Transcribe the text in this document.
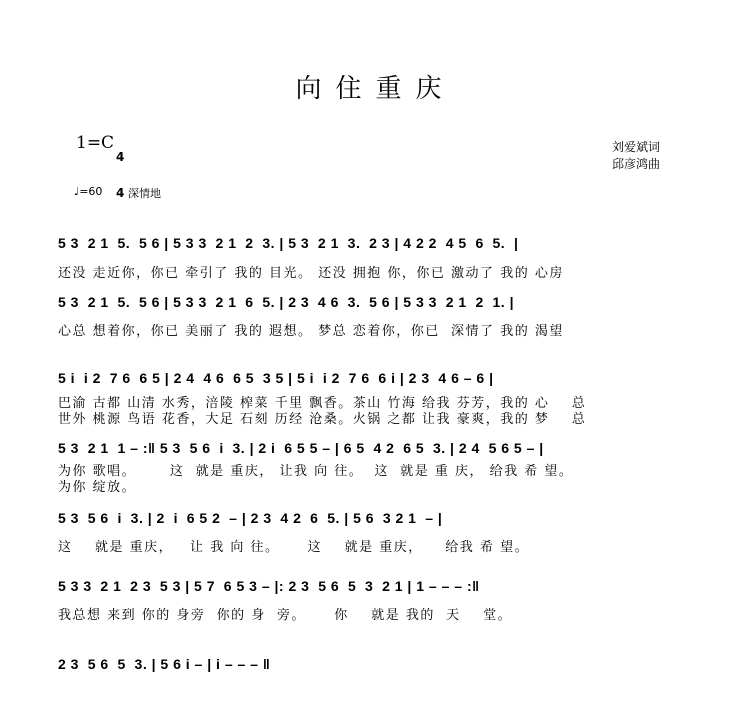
向住重庆
1=C

4

4

刘爱斌词
邱彦鸿曲
♩=60 深情地
5 3  2 1  5.  5 6 | 5 3 3  2 1  2  3. | 5 3  2 1  3.  2 3 | 4 2 2  4 5  6  5.  |
还没 走近你，你已 牵引了 我的 目光。 还没 拥抱 你，你已 激动了 我的 心房
5 3  2 1  5.  5 6 | 5 3 3  2 1  6  5. | 2 3  4 6  3.  5 6 | 5 3 3  2 1  2  1. |
心总 想着你，你已 美丽了 我的 遐想。 梦总 恋着你，你已  深情了 我的 渴望
5 i  i 2  7 6  6 5 | 2 4  4 6  6 5  3 5 | 5 i  i 2  7 6  6 i | 2 3  4 6 – 6 |
巴渝 古都 山清 水秀，涪陵 榨菜 千里 飘香。茶山 竹海 给我 芬芳，我的 心    总
世外 桃源 鸟语 花香，大足 石刻 历经 沧桑。火锅 之都 让我 豪爽，我的 梦    总
5 3  2 1  1 – :‖ 5 3  5 6  i  3. | 2 i  6 5 5 – | 6 5  4 2  6 5  3. | 2 4  5 6 5 – |
为你 歌唱。      这  就是 重庆， 让我 向 往。  这  就是 重 庆， 给我 希 望。
为你 绽放。
5 3  5 6  i  3. | 2  i  6 5 2  – | 2 3  4 2  6  5. | 5 6  3 2 1  – |
这    就是 重庆，   让 我 向 往。     这    就是 重庆，    给我 希 望。
5 3 3  2 1  2 3  5 3 | 5 7  6 5 3 – |: 2 3  5 6  5  3  2 1 | 1 – – – :‖
我总想 来到 你的 身旁  你的 身  旁。     你    就是 我的  天    堂。
2 3  5 6  5  3. | 5 6 i – | i – – – ‖
